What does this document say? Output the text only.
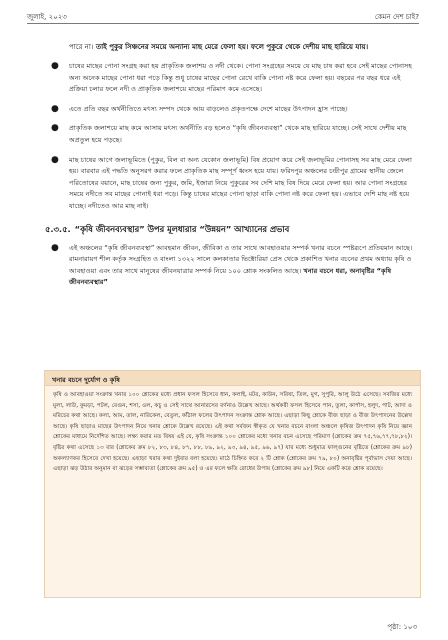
জুলাই, ২০২৩	কেমন দেশ চাই?

পারে না। তাই পুকুর সিঞ্চনের সময়ে অন্যান্য মাছ মেরে ফেলা হয়। ফলে পুকুরে থেকে দেশীয় মাছ হারিয়ে যায়।

● চাষের মাছের পোনা সংগ্রহ করা হয় প্রাকৃতিক জলাশয় ও নদী থেকে। পোনা সংগ্রহের সময়ে যে মাছ চাষ করা হবে সেই মাছের পোনাসহ অন্য অনেক মাছের পোনা ধরা পড়ে কিন্তু শুধু চাষের মাছের পোনা রেখে বাকি পোনা নষ্ট করে ফেলা হয়। বছরের পর বছর ধরে এই প্রক্রিয়া চলার ফলে নদী ও প্রাকৃতিক জলাশয়ে মাছের পরিমাণ কমে এসেছে।
● এতে প্রতি বছর অর্থনীতিতে মৎস্য সম্পদ থেকে আয় বাড়লেও প্রকৃতপক্ষে দেশে মাছের উৎপাদন হ্রাস পাচ্ছে।
● প্রাকৃতিক জলাশয়ে মাছ কমে আসায় মৎস্য অর্থনীতি বড় হলেও “কৃষি জীবনব্যবস্থা” থেকে মাছ হারিয়ে যাচ্ছে। সেই সাথে দেশীয় মাছ অপ্রতুল হয়ে পড়ছে।
● মাছ চাষের আগে জলাভূমিতে (পুকুর, বিল বা অন্য যেকোন জলাভূমি) বিষ প্রয়োগ করে সেই জলাভূমির পোনাসহ সব মাছ মেরে ফেলা হয়। বারবার এই পদ্ধতি অনুসরণ করার ফলে প্রাকৃতিক মাছ সম্পূর্ণ ধ্বংস হয়ে যায়। ফরিদপুর অঞ্চলের চন্দ্রীপুর গ্রামের স্থানীয় জেলে পরিতোষের বয়ানে, মাছ চাষের জন্য পুকুর, জমি, ইজারা নিয়ে পুকুরের সব দেশি মাছ বিষ দিয়ে মেরে ফেলা হয়। আর পোনা সংগ্রহের সময়ে নদীতে সব মাছের পোনাই ধরা পড়ে। কিন্তু চাষের মাছের পোনা ছাড়া বাকি পোনা নষ্ট করে ফেলা হয়। এভাবে দেশি মাছ নষ্ট হয়ে যাচ্ছে। নদীতেও আর মাছ নাই।
৫.৩.৫. “কৃষি জীবনব্যবস্থার” উপর মূলধারার “উন্নয়ন” আখ্যানের প্রভাব
● এই অঞ্চলের “কৃষি জীবনব্যবস্থা” আবহমান জীবন, জীবিকা ও তার সাথে আবহাওয়ার সম্পর্ক খনার বচনে স্পষ্টরূপে প্রতিয়মান আছে। রামনারায়ণ শীল কর্তৃক সংগ্রহিত ও বাংলা ১৩২২ সালে কলকাতার ভিক্টোরিয়া প্রেস থেকে প্রকাশিত খনার বচনের প্রথম অধ্যায় কৃষি ও আবহাওয়া এবং তার সাথে মানুষের জীবনযাত্রার সম্পর্ক নিয়ে ১০০ শ্লোক সংকলিত আছে। খনার বচনে ধরা, অনাবৃষ্টির “কৃষি জীবনব্যবস্থার”
খনার বচনে দুর্যোগ ও কৃষি
কৃষি ও আবহাওয়া সংক্রান্ত খনার ১০০ শ্লোকের মধ্যে প্রধান ফসল হিসেবে ধান, কলাই, মটর, কাউন, সরিষা, তিল, মুগ, সুপুরি, আলু উঠে এসেছে। সবজির মধ্যে মুলা, লাউ, কুমড়া, পটল, বেগুন, শসা, ওল, কচু ও সেই সাথে আনারসের বর্ণনাও উল্লেখ আছে। অর্থকরী ফসল হিসেবে পান, তুলা, কার্পাস, হলুদ, পাট, আদা ও মরিচের কথা আছে। কলা, আম, তাল, নারিকেল, বেতুল, কাঁঠাল ফলের উৎপাদন সংক্রান্ত শ্লোক আছে। এছাড়া কিছু শ্লোকে বীজ ছাড়া ও বীজ উৎপাদনের উল্লেখ আছে। কৃষি ছাড়াও মাছের উৎপাদন নিয়ে খনার শ্লোকে উল্লেখ রয়েছে। এই কথা সর্বজন স্বীকৃত যে খনার বচনে বাংলা অঞ্চলে কৃষিজ উৎপাদন কৃষি নিয়ে জ্ঞান শ্লোকের মাধ্যমে নির্দেশিত আছে। লক্ষ্য করার মত বিষয় এই যে, কৃষি সংক্রান্ত ১০০ শ্লোকের মধ্যে খনার বচন এসেছে পরিমাণ (শ্লোকের ক্রম ৭৫,৭৬,৭৭,৭৮,৮২)। বৃষ্টির কথা এসেছে ১৩ বার (শ্লোকের ক্রম ৮২, ৮৩, ৮৪, ৮৭, ৮৮, ৮৯, ৯২, ৯৩, ৯৪, ৯৫, ৯৬, ৯৭) যার মধ্যে শুধুমাত্র ফাল্গুনের বৃষ্টিতে (শ্লোকের ক্রম ৯৮) অকল্যাণকর হিসেবে দেখা হয়েছে। এছাড়া খরার কথা দুইবার বলা হয়েছে। মাঠে চিহ্নিত করে ২ টি শ্লোক (শ্লোকের ক্রম ৭৯, ৮০) অনাবৃষ্টির পূর্বাভাস দেয়া আছে। এছাড়া ঝড় উঠার অনুমান বা ঝড়ের সম্ভাব্যতা (শ্লোকের ক্রম ৯৫) ও এর ফলে ক্ষতি রোধের উপায় (শ্লোকের ক্রম ৯৮) নিয়ে একটি করে শ্লোক রয়েছে।
পৃষ্ঠা: ১০৩
